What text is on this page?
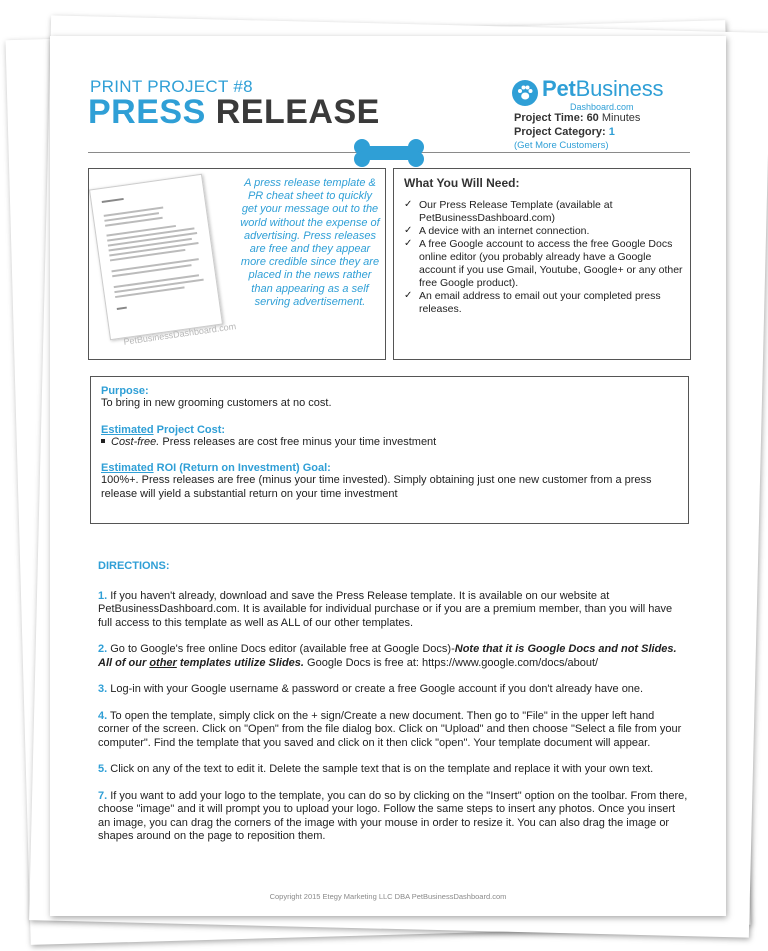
PRINT PROJECT #8
PRESS RELEASE
PetBusiness
Dashboard.com
Project Time: 60 Minutes
Project Category: 1
(Get More Customers)
PetBusinessDashboard.com
A press release template & PR cheat sheet to quickly get your message out to the world without the expense of advertising. Press releases are free and they appear more credible since they are placed in the news rather than appearing as a self serving advertisement.
What You Will Need:
✓ Our Press Release Template (available at PetBusinessDashboard.com)
✓ A device with an internet connection.
✓ A free Google account to access the free Google Docs online editor (you probably already have a Google account if you use Gmail, Youtube, Google+ or any other free Google product).
✓ An email address to email out your completed press releases.
Purpose:
To bring in new grooming customers at no cost.
Estimated Project Cost:
Cost-free. Press releases are cost free minus your time investment
Estimated ROI (Return on Investment) Goal:
100%+. Press releases are free (minus your time invested). Simply obtaining just one new customer from a press release will yield a substantial return on your time investment
DIRECTIONS:
1. If you haven't already, download and save the Press Release template. It is available on our website at PetBusinessDashboard.com. It is available for individual purchase or if you are a premium member, than you will have full access to this template as well as ALL of our other templates.
2. Go to Google's free online Docs editor (available free at Google Docs)-Note that it is Google Docs and not Slides. All of our other templates utilize Slides. Google Docs is free at: https://www.google.com/docs/about/
3. Log-in with your Google username & password or create a free Google account if you don't already have one.
4. To open the template, simply click on the + sign/Create a new document. Then go to "File" in the upper left hand corner of the screen. Click on "Open" from the file dialog box. Click on "Upload" and then choose "Select a file from your computer". Find the template that you saved and click on it then click "open". Your template document will appear.
5. Click on any of the text to edit it. Delete the sample text that is on the template and replace it with your own text.
7. If you want to add your logo to the template, you can do so by clicking on the "Insert" option on the toolbar. From there, choose "image" and it will prompt you to upload your logo. Follow the same steps to insert any photos. Once you insert an image, you can drag the corners of the image with your mouse in order to resize it. You can also drag the image or shapes around on the page to reposition them.
Copyright 2015 Etegy Marketing LLC DBA PetBusinessDashboard.com
